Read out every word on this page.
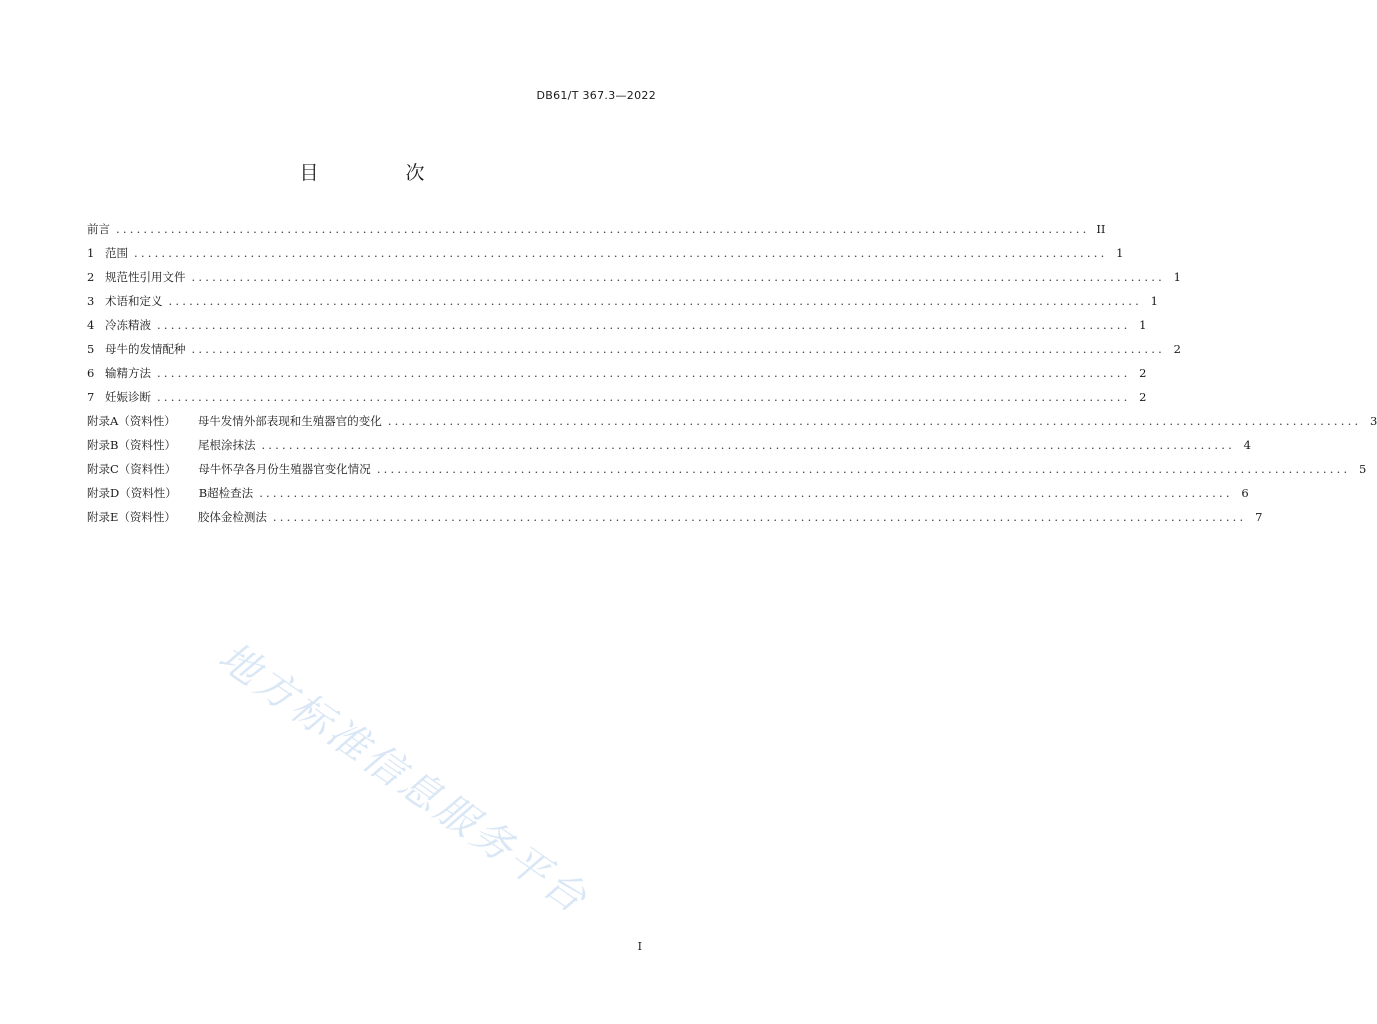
DB61/T 367.3—2022
目　次
前言 .............................................................................................................................................. II
1 范围 .............................................................................................................................................. 1
2 规范性引用文件 .............................................................................................................................................. 1
3 术语和定义 .............................................................................................................................................. 1
4 冷冻精液 .............................................................................................................................................. 1
5 母牛的发情配种 .............................................................................................................................................. 2
6 输精方法 .............................................................................................................................................. 2
7 妊娠诊断 .............................................................................................................................................. 2
附录A（资料性） 母牛发情外部表现和生殖器官的变化 .............................................................................................................................................. 3
附录B（资料性） 尾根涂抹法 .............................................................................................................................................. 4
附录C（资料性） 母牛怀孕各月份生殖器官变化情况 .............................................................................................................................................. 5
附录D（资料性） B超检查法 .............................................................................................................................................. 6
附录E（资料性） 胶体金检测法 .............................................................................................................................................. 7
地方标准信息服务平台
I
